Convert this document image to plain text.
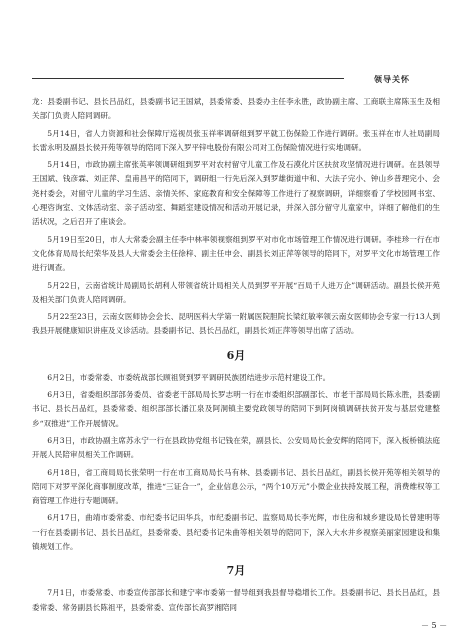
领导关怀

龙：县委副书记、县长吕品红，县委副书记王国斌，县委常委、县委办主任李永胜，政协副主席、工商联主席陈玉生及相关部门负责人陪同调研。

5月14日，省人力资源和社会保障厅巡视员张玉祥率调研组到罗平就工伤保险工作进行调研。张玉祥在市人社局副局长雷永明及副县长侯开苑等领导的陪同下深入罗平锌电股份有限公司对工伤保险情况进行实地调研。

5月14日，市政协副主席张英率领调研组到罗平对农村留守儿童工作及石漠化片区扶贫攻坚情况进行调研。在县领导王国斌、钱彦霖、刘正萍、皇甫昌平的陪同下，调研组一行先后深入到罗雄街道中和、大法子完小、钟山乡普理完小、会尧村委会，对留守儿童的学习生活、亲情关怀、家庭教育和安全保障等工作进行了视察调研，详细察看了学校园网书室、心理咨询室、文体活动室、亲子活动室、舞蹈室建设情况和活动开展记录，并深入部分留守儿童家中，详细了解他们的生活状况，之后召开了座谈会。

5月19日至20日，市人大常委会副主任李中林率领视察组到罗平对市化市场管理工作情况进行调研。李桂珍一行在市文化体育局局长纪荣华及县人大常委会主任徐梓、副主任申会、副县长刘正萍等领导的陪同下，对罗平文化市场管理工作进行调查。

5月22日，云南省统计局副局长胡利人带领省统计局相关人员到罗平开展“百局千人进万企”调研活动。副县长侯开苑及相关部门负责人陪同调研。

5月22至23日，云南女医师协会会长、昆明医科大学第一附属医院胆院长梁红敏率领云南女医师协会专家一行13人到我县开展健康知识讲座及义诊活动。县委副书记、县长吕品红，副县长刘正萍等领导出席了活动。

6月

6月2日，市委常委、市委统战部长顾祖贤到罗平调研民族团结进步示范村建设工作。

6月3日，省委组织部部务委员、省委老干部局局长罗志明一行在市委组织部副部长、市老干部局局长陈永胜，县委副书记、县长吕品红，县委常委、组织部部长潘江泉及阿洞镇主要党政领导的陪同下到阿岗镇调研扶贫开发与基层党建整乡“双推进”工作开展情况。

6月3日，市政协副主席苏永宁一行在县政协党组书记钱在荣，副县长、公安局局长金安辉的陪同下，深入板桥镇法庭开展人民陪审员相关工作调研。

6月18日，省工商局局长张荣明一行在市工商局局长马有林、县委副书记、县长吕品红，副县长侯开苑等相关领导的陪同下对罗平深化商事制度改革，推进“三证合一”，企业信息公示，“两个10万元”小微企业扶持发展工程，消费维权等工商管理工作进行专题调研。

6月17日，曲靖市委常委、市纪委书记田华兵，市纪委副书记、监察局局长李光辉，市住房和城乡建设局长曾建明等一行在县委副书记、县长吕品红，县委常委、县纪委书记朱曲等相关领导的陪同下，深入大水井乡视察美丽家园建设和集镇规划工作。

7月

7月1日，市委常委、市委宣传部部长和建宁率市委第一督导组到我县督导稳增长工作。县委副书记、县长吕品红，县委常委、常务副县长陈祖平，县委常委、宣传部长高罗湘陪同

－ 5 －
